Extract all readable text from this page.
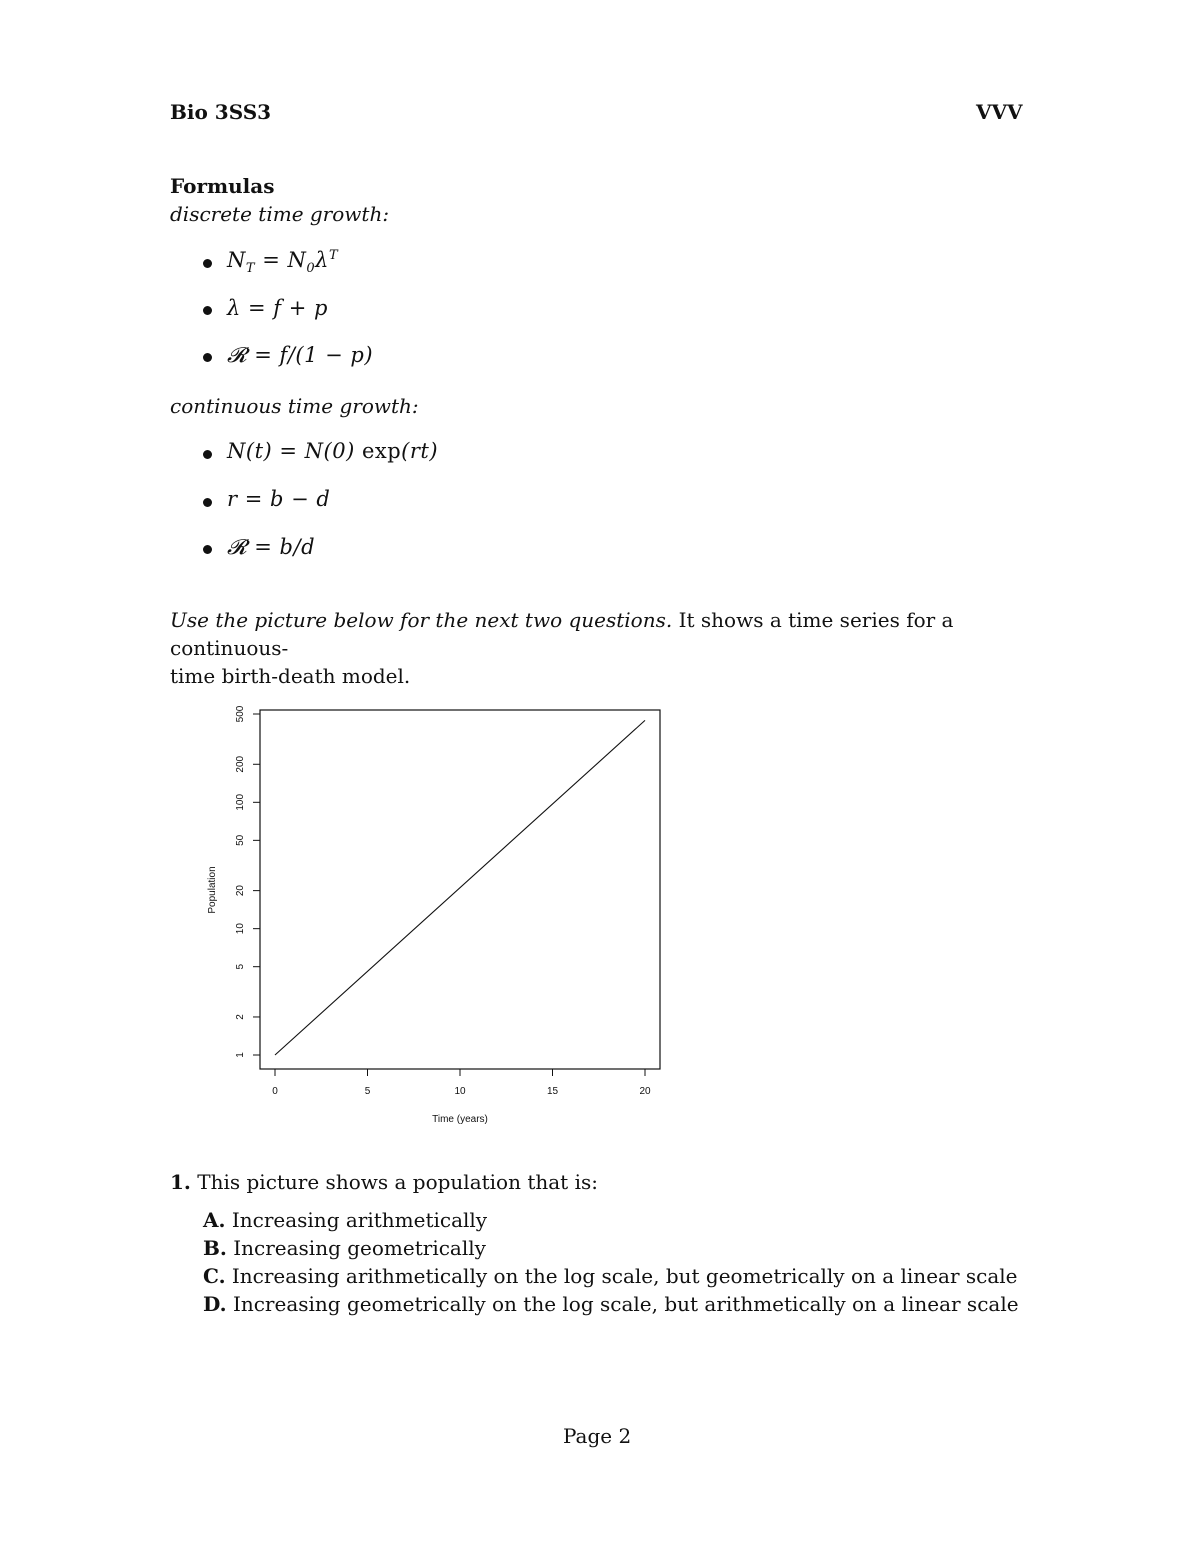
Bio 3SS3	VVV
Formulas
discrete time growth:
$N_T = N_0\lambda^T$
λ = f + p
𝓡 = f/(1 − p)
continuous time growth:
N(t) = N(0) exp(rt)
r = b − d
𝓡 = b/d
Use the picture below for the next two questions. It shows a time series for a continuous-
time birth-death model.
0	5	10	15	20
1
2
5
10
20
50
100
200
500
Time (years)
Population
1. This picture shows a population that is:
A. Increasing arithmetically
B. Increasing geometrically
C. Increasing arithmetically on the log scale, but geometrically on a linear scale
D. Increasing geometrically on the log scale, but arithmetically on a linear scale
Page 2
